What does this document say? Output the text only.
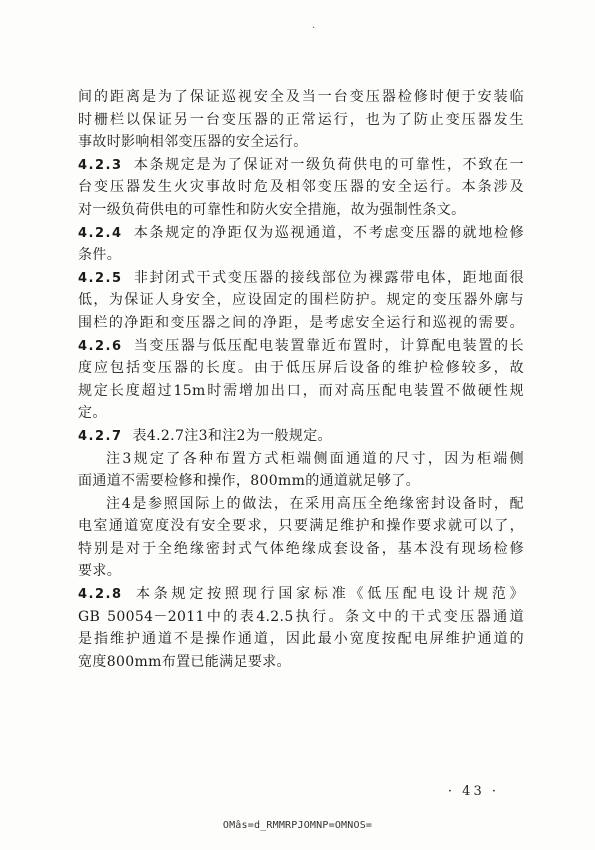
.
间的距离是为了保证巡视安全及当一台变压器检修时便于安装临
时栅栏以保证另一台变压器的正常运行，也为了防止变压器发生
事故时影响相邻变压器的安全运行。
4.2.3 本条规定是为了保证对一级负荷供电的可靠性，不致在一
台变压器发生火灾事故时危及相邻变压器的安全运行。本条涉及
对一级负荷供电的可靠性和防火安全措施，故为强制性条文。
4.2.4 本条规定的净距仅为巡视通道，不考虑变压器的就地检修
条件。
4.2.5 非封闭式干式变压器的接线部位为裸露带电体，距地面很
低，为保证人身安全，应设固定的围栏防护。规定的变压器外廓与
围栏的净距和变压器之间的净距，是考虑安全运行和巡视的需要。
4.2.6 当变压器与低压配电装置靠近布置时，计算配电装置的长
度应包括变压器的长度。由于低压屏后设备的维护检修较多，故
规定长度超过15m时需增加出口，而对高压配电装置不做硬性规
定。
4.2.7 表4.2.7注3和注2为一般规定。
注3规定了各种布置方式柜端侧面通道的尺寸，因为柜端侧
面通道不需要检修和操作，800mm的通道就足够了。
注4是参照国际上的做法，在采用高压全绝缘密封设备时，配
电室通道宽度没有安全要求，只要满足维护和操作要求就可以了，
特别是对于全绝缘密封式气体绝缘成套设备，基本没有现场检修
要求。
4.2.8 本条规定按照现行国家标准《低压配电设计规范》
GB 50054－2011中的表4.2.5执行。条文中的干式变压器通道
是指维护通道不是操作通道，因此最小宽度按配电屏维护通道的
宽度800mm布置已能满足要求。
· 43 ·
OMâs=d_RMMRPJOMNP=OMNOS=
